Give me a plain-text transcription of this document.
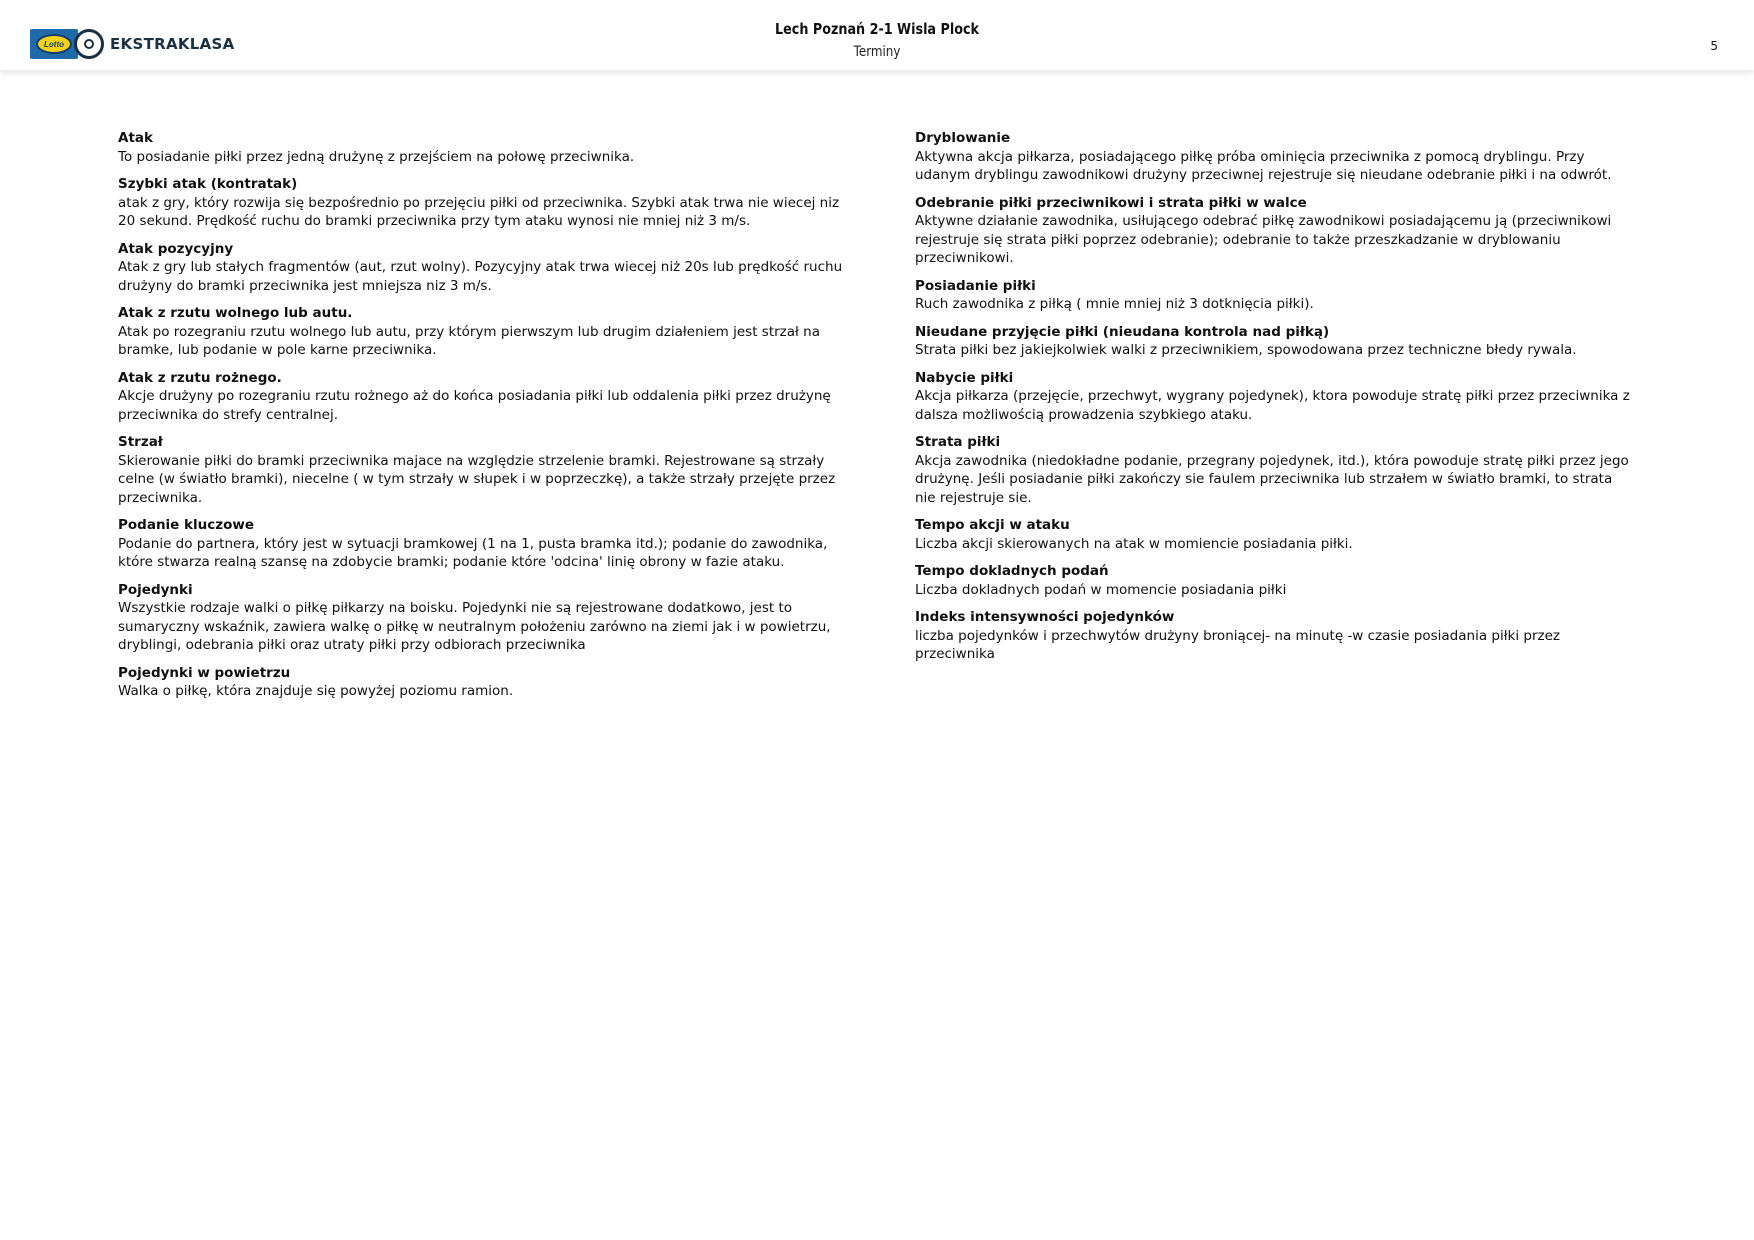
Lotto	EKSTRAKLASA
Lech Poznań 2-1 Wisla Plock
Terminy	5
Atak
To posiadanie piłki przez jedną drużynę z przejściem na połowę przeciwnika.
Szybki atak (kontratak)
atak z gry, który rozwija się bezpośrednio po przejęciu piłki od przeciwnika. Szybki atak trwa nie wiecej niz 20 sekund. Prędkość ruchu do bramki przeciwnika przy tym ataku wynosi nie mniej niż 3 m/s.
Atak pozycyjny
Atak z gry lub stałych fragmentów (aut, rzut wolny). Pozycyjny atak trwa wiecej niż 20s lub prędkość ruchu drużyny do bramki przeciwnika jest mniejsza niz 3 m/s.
Atak z rzutu wolnego lub autu.
Atak po rozegraniu rzutu wolnego lub autu, przy którym pierwszym lub drugim działeniem jest strzał na bramke, lub podanie w pole karne przeciwnika.
Atak z rzutu rożnego.
Akcje drużyny po rozegraniu rzutu rożnego aż do końca posiadania piłki lub oddalenia piłki przez drużynę przeciwnika do strefy centralnej.
Strzał
Skierowanie piłki do bramki przeciwnika majace na względzie strzelenie bramki. Rejestrowane są strzały celne (w światło bramki), niecelne ( w tym strzały w słupek i w poprzeczkę), a także strzały przejęte przez przeciwnika.
Podanie kluczowe
Podanie do partnera, który jest w sytuacji bramkowej (1 na 1, pusta bramka itd.); podanie do zawodnika, które stwarza realną szansę na zdobycie bramki; podanie które 'odcina' linię obrony w fazie ataku.
Pojedynki
Wszystkie rodzaje walki o piłkę piłkarzy na boisku. Pojedynki nie są rejestrowane dodatkowo, jest to sumaryczny wskaźnik, zawiera walkę o piłkę w neutralnym położeniu zarówno na ziemi jak i w powietrzu, dryblingi, odebrania piłki oraz utraty piłki przy odbiorach przeciwnika
Pojedynki w powietrzu
Walka o piłkę, która znajduje się powyżej poziomu ramion.
Dryblowanie
Aktywna akcja piłkarza, posiadającego piłkę próba ominięcia przeciwnika z pomocą dryblingu. Przy udanym dryblingu zawodnikowi drużyny przeciwnej rejestruje się nieudane odebranie piłki i na odwrót.
Odebranie piłki przeciwnikowi i strata piłki w walce
Aktywne działanie zawodnika, usiłującego odebrać piłkę zawodnikowi posiadającemu ją (przeciwnikowi rejestruje się strata piłki poprzez odebranie); odebranie to także przeszkadzanie w dryblowaniu przeciwnikowi.
Posiadanie piłki
Ruch zawodnika z piłką ( mnie mniej niż 3 dotknięcia piłki).
Nieudane przyjęcie piłki (nieudana kontrola nad piłką)
Strata piłki bez jakiejkolwiek walki z przeciwnikiem, spowodowana przez techniczne błedy rywala.
Nabycie piłki
Akcja piłkarza (przejęcie, przechwyt, wygrany pojedynek), ktora powoduje stratę piłki przez przeciwnika z dalsza możliwością prowadzenia szybkiego ataku.
Strata piłki
Akcja zawodnika (niedokładne podanie, przegrany pojedynek, itd.), która powoduje stratę piłki przez jego drużynę. Jeśli posiadanie piłki zakończy sie faulem przeciwnika lub strzałem w światło bramki, to strata nie rejestruje sie.
Tempo akcji w ataku
Liczba akcji skierowanych na atak w momiencie posiadania piłki.
Tempo dokladnych podań
Liczba dokladnych podań w momencie posiadania piłki
Indeks intensywności pojedynków
liczba pojedynków i przechwytów drużyny broniącej- na minutę -w czasie posiadania piłki przez przeciwnika
